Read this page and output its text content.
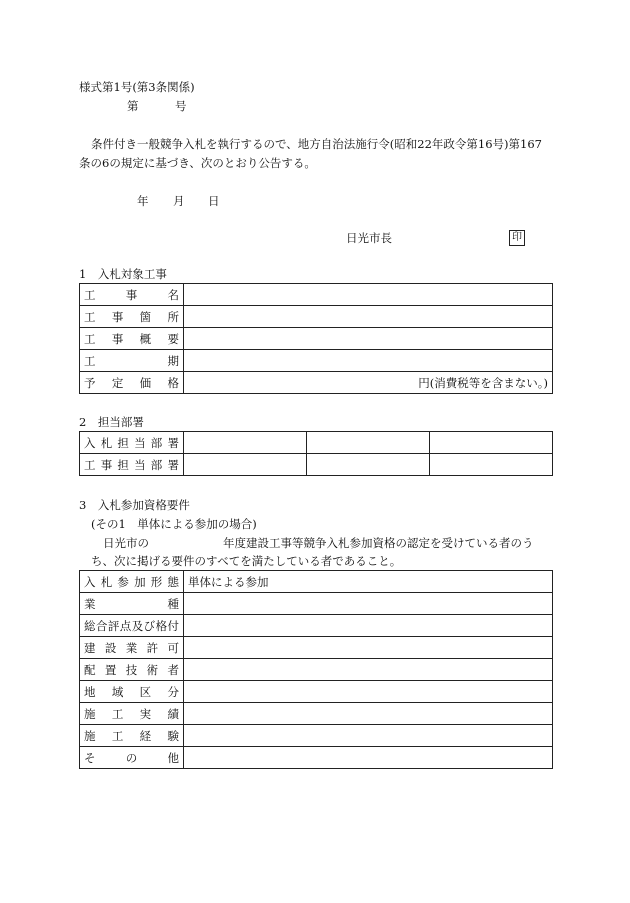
様式第1号(第3条関係)
第	号
条件付き一般競争入札を執行するので、地方自治法施行令(昭和22年政令第16号)第167
条の6の規定に基づき、次のとおり公告する。
年 月 日
日光市長	印
1　入札対象工事
工事名	
工事箇所	
工事概要	
工期	
予定価格	円(消費税等を含まない。)
2　担当部署
入札担当部署			
工事担当部署			
3　入札参加資格要件
(その1　単体による参加の場合)
日光市の	年度建設工事等競争入札参加資格の認定を受けている者のう
ち、次に掲げる要件のすべてを満たしている者であること。
入札参加形態	単体による参加
業種	
総合評点及び格付	
建設業許可	
配置技術者	
地域区分	
施工実績	
施工経験	
その他	
